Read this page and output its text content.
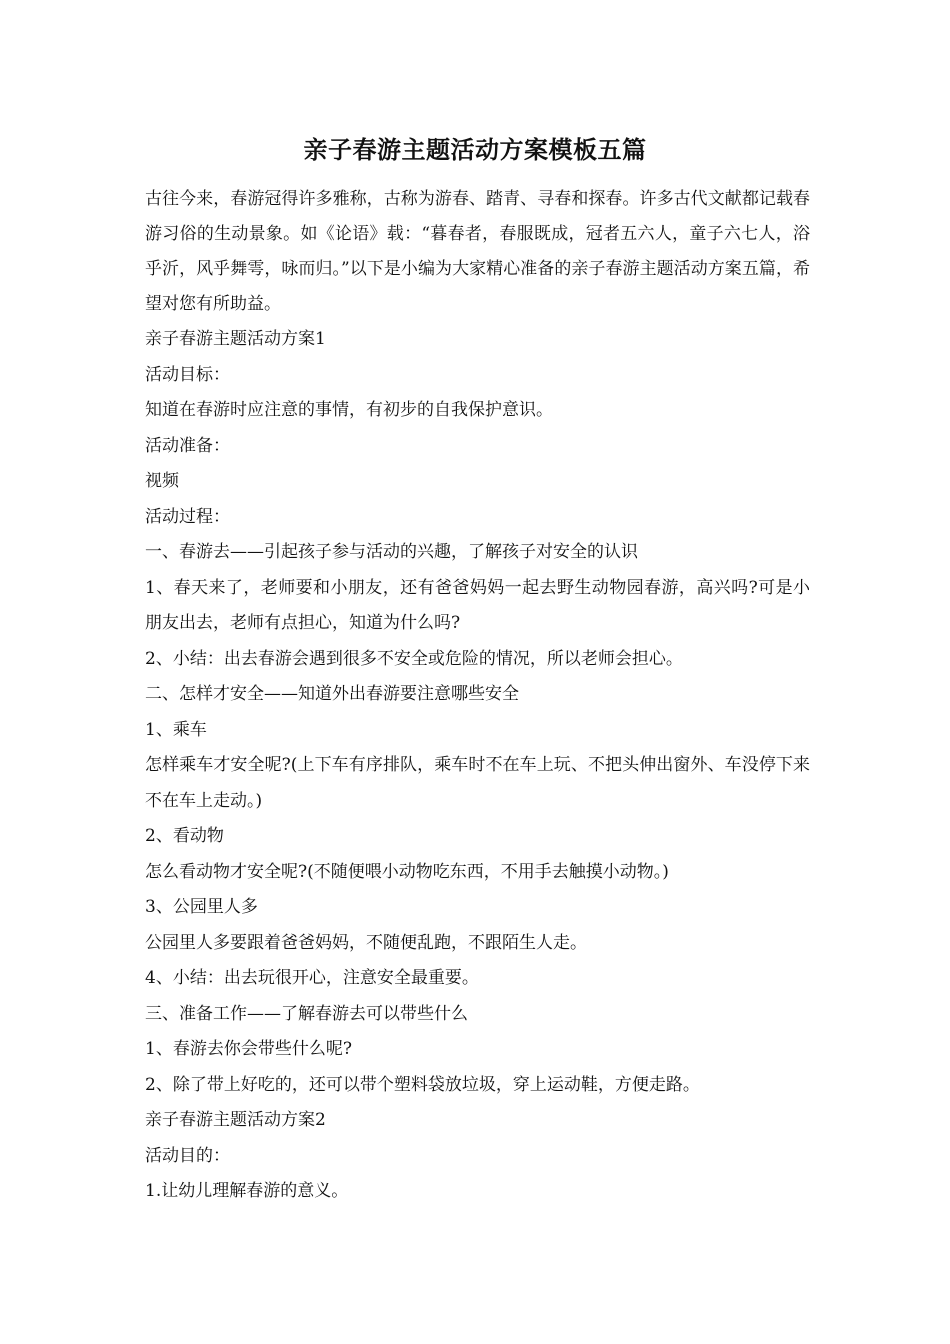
亲子春游主题活动方案模板五篇

古往今来，春游冠得许多雅称，古称为游春、踏青、寻春和探春。许多古代文献都记载春游习俗的生动景象。如《论语》载：“暮春者，春服既成，冠者五六人，童子六七人，浴乎沂，风乎舞雩，咏而归。”以下是小编为大家精心准备的亲子春游主题活动方案五篇，希望对您有所助益。

亲子春游主题活动方案1

活动目标：

知道在春游时应注意的事情，有初步的自我保护意识。

活动准备：

视频

活动过程：

一、春游去——引起孩子参与活动的兴趣，了解孩子对安全的认识

1、春天来了，老师要和小朋友，还有爸爸妈妈一起去野生动物园春游，高兴吗?可是小朋友出去，老师有点担心，知道为什么吗?

2、小结：出去春游会遇到很多不安全或危险的情况，所以老师会担心。

二、怎样才安全——知道外出春游要注意哪些安全

1、乘车

怎样乘车才安全呢?(上下车有序排队，乘车时不在车上玩、不把头伸出窗外、车没停下来不在车上走动。)

2、看动物

怎么看动物才安全呢?(不随便喂小动物吃东西，不用手去触摸小动物。)

3、公园里人多

公园里人多要跟着爸爸妈妈，不随便乱跑，不跟陌生人走。

4、小结：出去玩很开心，注意安全最重要。

三、准备工作——了解春游去可以带些什么

1、春游去你会带些什么呢?

2、除了带上好吃的，还可以带个塑料袋放垃圾，穿上运动鞋，方便走路。

亲子春游主题活动方案2

活动目的：

1.让幼儿理解春游的意义。
